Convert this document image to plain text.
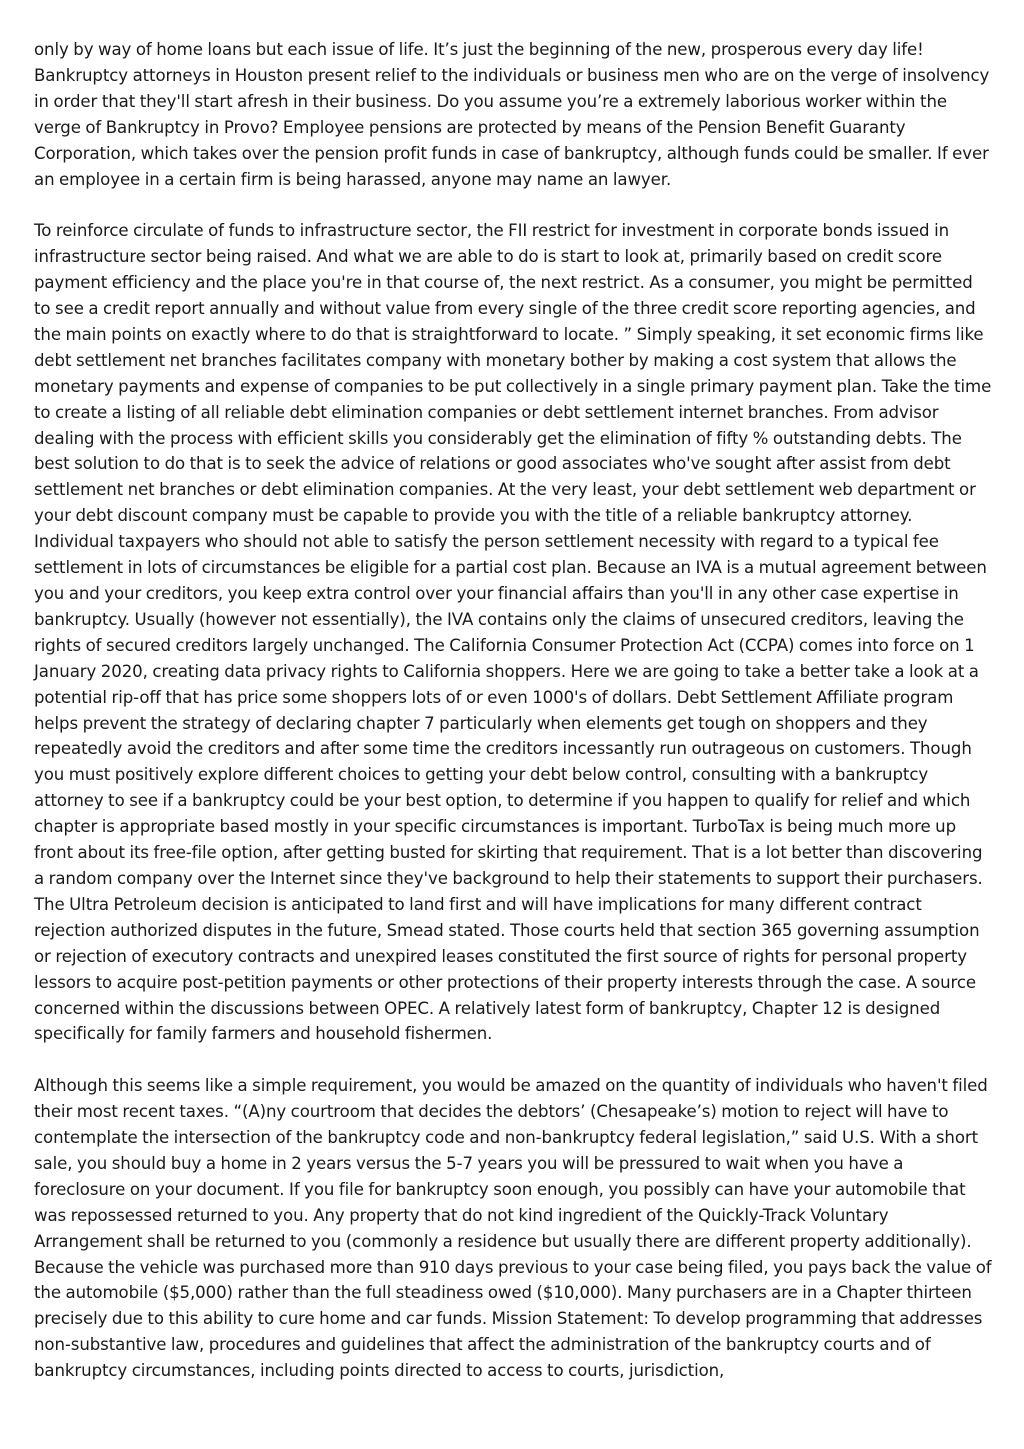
only by way of home loans but each issue of life. It’s just the beginning of the new, prosperous every day life! Bankruptcy attorneys in Houston present relief to the individuals or business men who are on the verge of insolvency in order that they'll start afresh in their business. Do you assume you’re a extremely laborious worker within the verge of Bankruptcy in Provo? Employee pensions are protected by means of the Pension Benefit Guaranty Corporation, which takes over the pension profit funds in case of bankruptcy, although funds could be smaller. If ever an employee in a certain firm is being harassed, anyone may name an lawyer.

To reinforce circulate of funds to infrastructure sector, the FII restrict for investment in corporate bonds issued in infrastructure sector being raised. And what we are able to do is start to look at, primarily based on credit score payment efficiency and the place you're in that course of, the next restrict. As a consumer, you might be permitted to see a credit report annually and without value from every single of the three credit score reporting agencies, and the main points on exactly where to do that is straightforward to locate. ” Simply speaking, it set economic firms like debt settlement net branches facilitates company with monetary bother by making a cost system that allows the monetary payments and expense of companies to be put collectively in a single primary payment plan. Take the time to create a listing of all reliable debt elimination companies or debt settlement internet branches. From advisor dealing with the process with efficient skills you considerably get the elimination of fifty % outstanding debts. The best solution to do that is to seek the advice of relations or good associates who've sought after assist from debt settlement net branches or debt elimination companies. At the very least, your debt settlement web department or your debt discount company must be capable to provide you with the title of a reliable bankruptcy attorney. Individual taxpayers who should not able to satisfy the person settlement necessity with regard to a typical fee settlement in lots of circumstances be eligible for a partial cost plan. Because an IVA is a mutual agreement between you and your creditors, you keep extra control over your financial affairs than you'll in any other case expertise in bankruptcy. Usually (however not essentially), the IVA contains only the claims of unsecured creditors, leaving the rights of secured creditors largely unchanged. The California Consumer Protection Act (CCPA) comes into force on 1 January 2020, creating data privacy rights to California shoppers. Here we are going to take a better take a look at a potential rip-off that has price some shoppers lots of or even 1000's of dollars. Debt Settlement Affiliate program helps prevent the strategy of declaring chapter 7 particularly when elements get tough on shoppers and they repeatedly avoid the creditors and after some time the creditors incessantly run outrageous on customers. Though you must positively explore different choices to getting your debt below control, consulting with a bankruptcy attorney to see if a bankruptcy could be your best option, to determine if you happen to qualify for relief and which chapter is appropriate based mostly in your specific circumstances is important. TurboTax is being much more up front about its free-file option, after getting busted for skirting that requirement. That is a lot better than discovering a random company over the Internet since they've background to help their statements to support their purchasers. The Ultra Petroleum decision is anticipated to land first and will have implications for many different contract rejection authorized disputes in the future, Smead stated. Those courts held that section 365 governing assumption or rejection of executory contracts and unexpired leases constituted the first source of rights for personal property lessors to acquire post-petition payments or other protections of their property interests through the case. A source concerned within the discussions between OPEC. A relatively latest form of bankruptcy, Chapter 12 is designed specifically for family farmers and household fishermen.

Although this seems like a simple requirement, you would be amazed on the quantity of individuals who haven't filed their most recent taxes. “(A)ny courtroom that decides the debtors’ (Chesapeake’s) motion to reject will have to contemplate the intersection of the bankruptcy code and non-bankruptcy federal legislation,” said U.S. With a short sale, you should buy a home in 2 years versus the 5-7 years you will be pressured to wait when you have a foreclosure on your document. If you file for bankruptcy soon enough, you possibly can have your automobile that was repossessed returned to you. Any property that do not kind ingredient of the Quickly-Track Voluntary Arrangement shall be returned to you (commonly a residence but usually there are different property additionally). Because the vehicle was purchased more than 910 days previous to your case being filed, you pays back the value of the automobile ($5,000) rather than the full steadiness owed ($10,000). Many purchasers are in a Chapter thirteen precisely due to this ability to cure home and car funds. Mission Statement: To develop programming that addresses non-substantive law, procedures and guidelines that affect the administration of the bankruptcy courts and of bankruptcy circumstances, including points directed to access to courts, jurisdiction,
